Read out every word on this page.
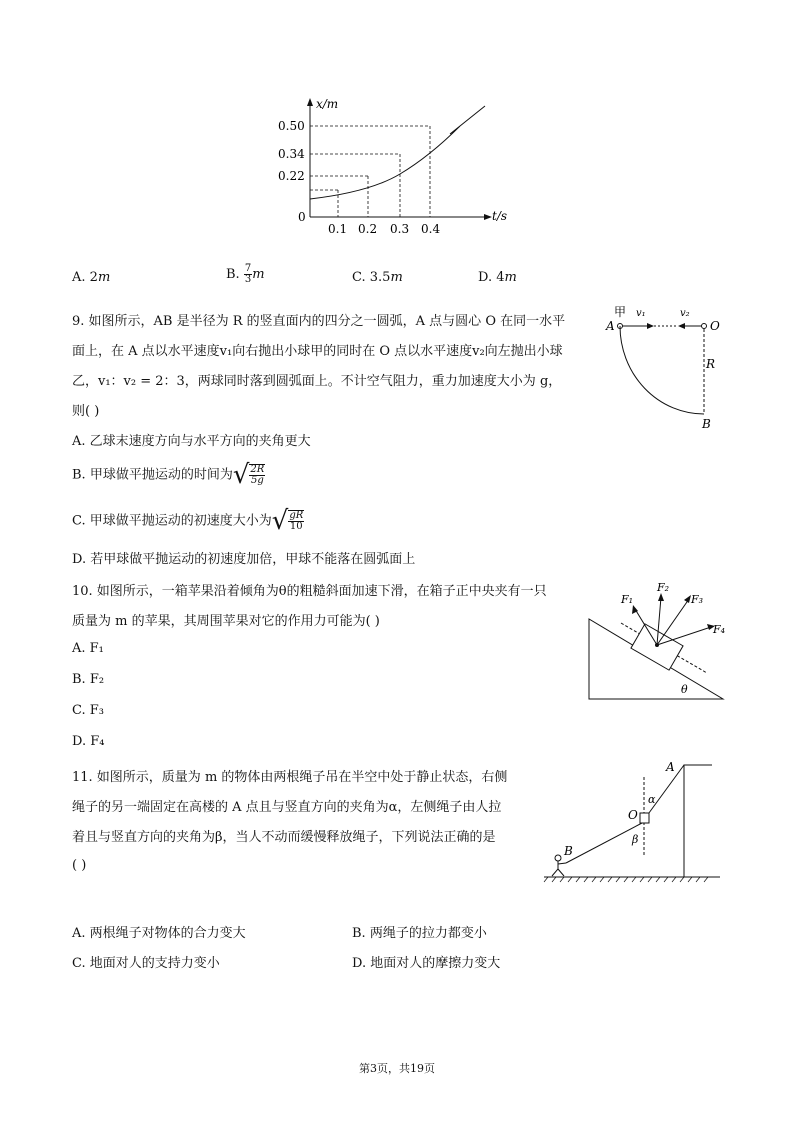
x/m
t/s
0
0.50
0.34
0.22
0.1 0.2 0.3 0.4
A. 2m	B. $\frac{7}{3}$ m	C. 3.5m	D. 4m
9. 如图所示，AB 是半径为 R 的竖直面内的四分之一圆弧，A 点与圆心 O 在同一水平
面上，在 A 点以水平速度v₁向右抛出小球甲的同时在 O 点以水平速度v₂向左抛出小球
乙，v₁：v₂ = 2：3，两球同时落到圆弧面上。不计空气阻力，重力加速度大小为 g，
则( )
A. 乙球末速度方向与水平方向的夹角更大
B. 甲球做平抛运动的时间为√ $\frac{2R}{5g}$
C. 甲球做平抛运动的初速度大小为√ $\frac{gR}{10}$
D. 若甲球做平抛运动的初速度加倍，甲球不能落在圆弧面上
甲 v₁	v₂
A	O
R
B
10. 如图所示，一箱苹果沿着倾角为θ的粗糙斜面加速下滑，在箱子正中央夹有一只
质量为 m 的苹果，其周围苹果对它的作用力可能为( )
A. F₁
B. F₂
C. F₃
D. F₄
F₁
F₂
F₃
F₄
θ
11. 如图所示，质量为 m 的物体由两根绳子吊在半空中处于静止状态，右侧
绳子的另一端固定在高楼的 A 点且与竖直方向的夹角为α，左侧绳子由人拉
着且与竖直方向的夹角为β，当人不动而缓慢释放绳子，下列说法正确的是
( )
A
O
B
α
β
A. 两根绳子对物体的合力变大	B. 两绳子的拉力都变小
C. 地面对人的支持力变小	D. 地面对人的摩擦力变大
第3页，共19页
